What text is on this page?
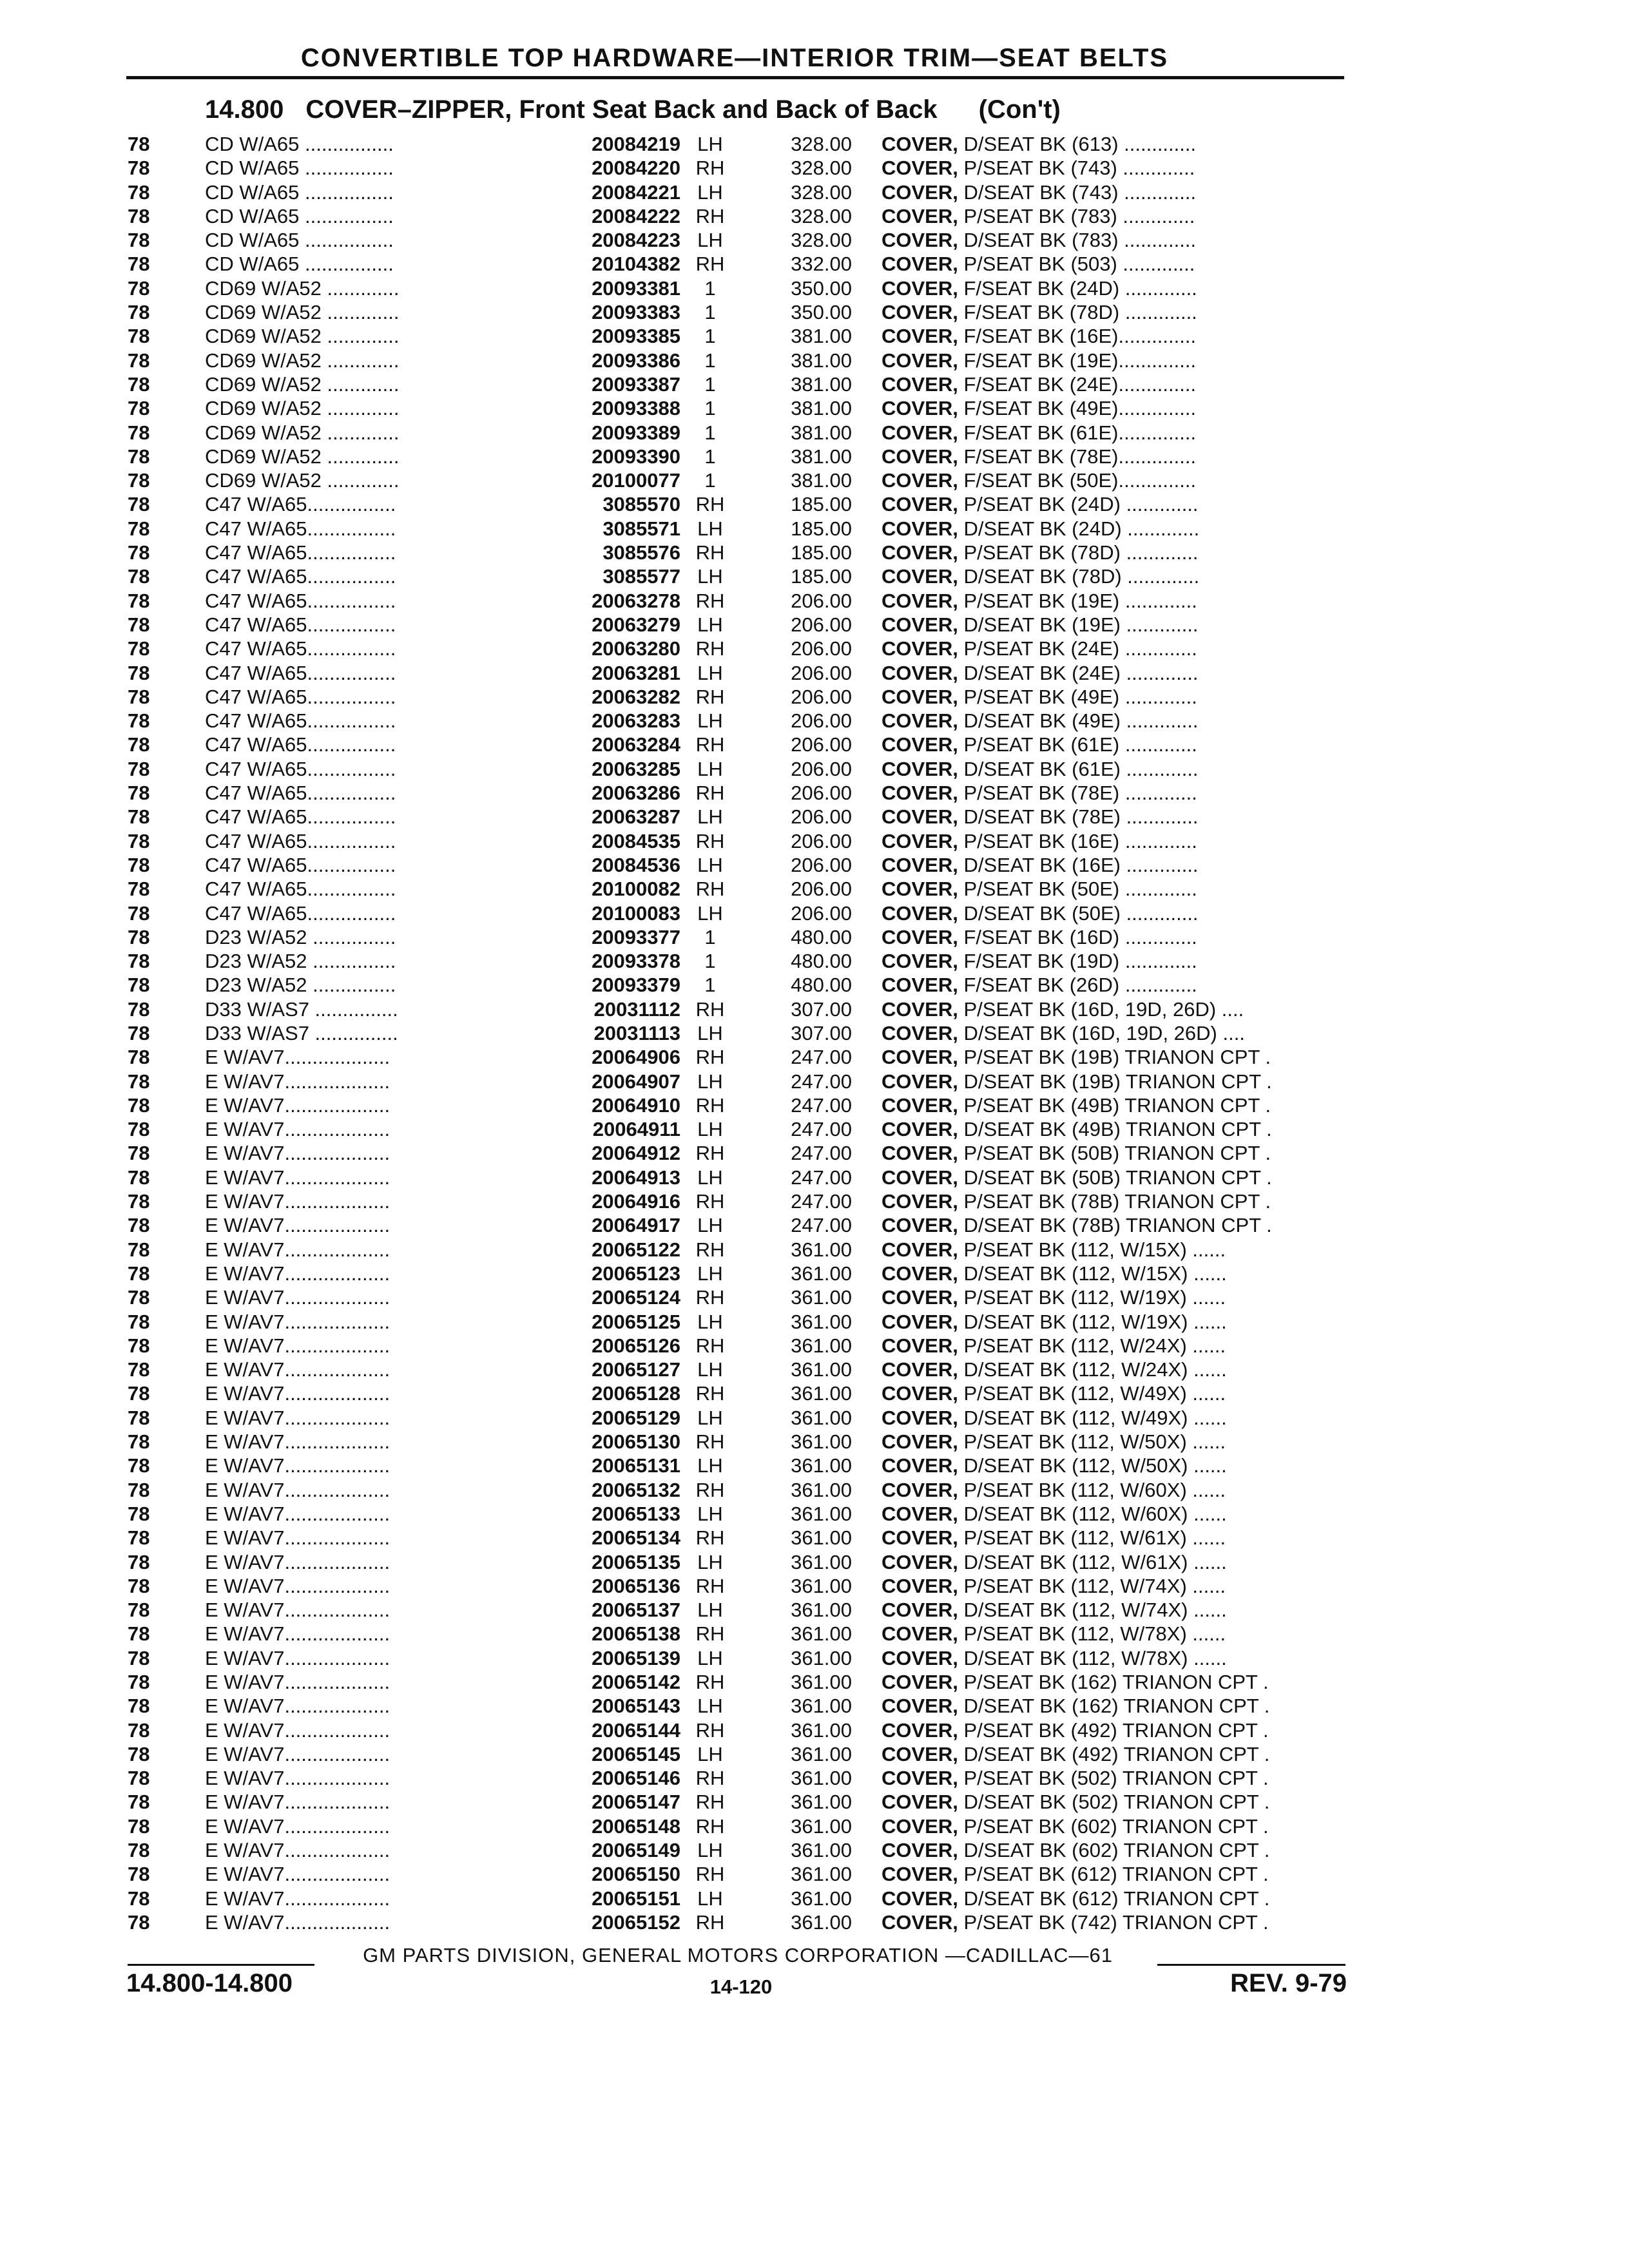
CONVERTIBLE TOP HARDWARE—INTERIOR TRIM—SEAT BELTS
14.800 COVER–ZIPPER, Front Seat Back and Back of Back (Con't)
78	CD W/A65 ................	20084219 LH	328.00 COVER, D/SEAT BK (613) .............
78	CD W/A65 ................	20084220 RH	328.00 COVER, P/SEAT BK (743) .............
78	CD W/A65 ................	20084221 LH	328.00 COVER, D/SEAT BK (743) .............
78	CD W/A65 ................	20084222 RH	328.00 COVER, P/SEAT BK (783) .............
78	CD W/A65 ................	20084223 LH	328.00 COVER, D/SEAT BK (783) .............
78	CD W/A65 ................	20104382 RH	332.00 COVER, P/SEAT BK (503) .............
78	CD69 W/A52 .............	20093381	1	350.00 COVER, F/SEAT BK (24D) .............
78	CD69 W/A52 .............	20093383	1	350.00 COVER, F/SEAT BK (78D) .............
78	CD69 W/A52 .............	20093385	1	381.00 COVER, F/SEAT BK (16E)..............
78	CD69 W/A52 .............	20093386	1	381.00 COVER, F/SEAT BK (19E)..............
78	CD69 W/A52 .............	20093387	1	381.00 COVER, F/SEAT BK (24E)..............
78	CD69 W/A52 .............	20093388	1	381.00 COVER, F/SEAT BK (49E)..............
78	CD69 W/A52 .............	20093389	1	381.00 COVER, F/SEAT BK (61E)..............
78	CD69 W/A52 .............	20093390	1	381.00 COVER, F/SEAT BK (78E)..............
78	CD69 W/A52 .............	20100077	1	381.00 COVER, F/SEAT BK (50E)..............
78	C47 W/A65................	3085570 RH	185.00 COVER, P/SEAT BK (24D) .............
78	C47 W/A65................	3085571 LH	185.00 COVER, D/SEAT BK (24D) .............
78	C47 W/A65................	3085576 RH	185.00 COVER, P/SEAT BK (78D) .............
78	C47 W/A65................	3085577 LH	185.00 COVER, D/SEAT BK (78D) .............
78	C47 W/A65................	20063278 RH	206.00 COVER, P/SEAT BK (19E) .............
78	C47 W/A65................	20063279 LH	206.00 COVER, D/SEAT BK (19E) .............
78	C47 W/A65................	20063280 RH	206.00 COVER, P/SEAT BK (24E) .............
78	C47 W/A65................	20063281 LH	206.00 COVER, D/SEAT BK (24E) .............
78	C47 W/A65................	20063282 RH	206.00 COVER, P/SEAT BK (49E) .............
78	C47 W/A65................	20063283 LH	206.00 COVER, D/SEAT BK (49E) .............
78	C47 W/A65................	20063284 RH	206.00 COVER, P/SEAT BK (61E) .............
78	C47 W/A65................	20063285 LH	206.00 COVER, D/SEAT BK (61E) .............
78	C47 W/A65................	20063286 RH	206.00 COVER, P/SEAT BK (78E) .............
78	C47 W/A65................	20063287 LH	206.00 COVER, D/SEAT BK (78E) .............
78	C47 W/A65................	20084535 RH	206.00 COVER, P/SEAT BK (16E) .............
78	C47 W/A65................	20084536 LH	206.00 COVER, D/SEAT BK (16E) .............
78	C47 W/A65................	20100082 RH	206.00 COVER, P/SEAT BK (50E) .............
78	C47 W/A65................	20100083 LH	206.00 COVER, D/SEAT BK (50E) .............
78	D23 W/A52 ...............	20093377	1	480.00 COVER, F/SEAT BK (16D) .............
78	D23 W/A52 ...............	20093378	1	480.00 COVER, F/SEAT BK (19D) .............
78	D23 W/A52 ...............	20093379	1	480.00 COVER, F/SEAT BK (26D) .............
78	D33 W/AS7 ...............	20031112 RH	307.00 COVER, P/SEAT BK (16D, 19D, 26D) ....
78	D33 W/AS7 ...............	20031113 LH	307.00 COVER, D/SEAT BK (16D, 19D, 26D) ....
78	E W/AV7...................	20064906 RH	247.00 COVER, P/SEAT BK (19B) TRIANON CPT .
78	E W/AV7...................	20064907 LH	247.00 COVER, D/SEAT BK (19B) TRIANON CPT .
78	E W/AV7...................	20064910 RH	247.00 COVER, P/SEAT BK (49B) TRIANON CPT .
78	E W/AV7...................	20064911 LH	247.00 COVER, D/SEAT BK (49B) TRIANON CPT .
78	E W/AV7...................	20064912 RH	247.00 COVER, P/SEAT BK (50B) TRIANON CPT .
78	E W/AV7...................	20064913 LH	247.00 COVER, D/SEAT BK (50B) TRIANON CPT .
78	E W/AV7...................	20064916 RH	247.00 COVER, P/SEAT BK (78B) TRIANON CPT .
78	E W/AV7...................	20064917 LH	247.00 COVER, D/SEAT BK (78B) TRIANON CPT .
78	E W/AV7...................	20065122 RH	361.00 COVER, P/SEAT BK (112, W/15X) ......
78	E W/AV7...................	20065123 LH	361.00 COVER, D/SEAT BK (112, W/15X) ......
78	E W/AV7...................	20065124 RH	361.00 COVER, P/SEAT BK (112, W/19X) ......
78	E W/AV7...................	20065125 LH	361.00 COVER, D/SEAT BK (112, W/19X) ......
78	E W/AV7...................	20065126 RH	361.00 COVER, P/SEAT BK (112, W/24X) ......
78	E W/AV7...................	20065127 LH	361.00 COVER, D/SEAT BK (112, W/24X) ......
78	E W/AV7...................	20065128 RH	361.00 COVER, P/SEAT BK (112, W/49X) ......
78	E W/AV7...................	20065129 LH	361.00 COVER, D/SEAT BK (112, W/49X) ......
78	E W/AV7...................	20065130 RH	361.00 COVER, P/SEAT BK (112, W/50X) ......
78	E W/AV7...................	20065131 LH	361.00 COVER, D/SEAT BK (112, W/50X) ......
78	E W/AV7...................	20065132 RH	361.00 COVER, P/SEAT BK (112, W/60X) ......
78	E W/AV7...................	20065133 LH	361.00 COVER, D/SEAT BK (112, W/60X) ......
78	E W/AV7...................	20065134 RH	361.00 COVER, P/SEAT BK (112, W/61X) ......
78	E W/AV7...................	20065135 LH	361.00 COVER, D/SEAT BK (112, W/61X) ......
78	E W/AV7...................	20065136 RH	361.00 COVER, P/SEAT BK (112, W/74X) ......
78	E W/AV7...................	20065137 LH	361.00 COVER, D/SEAT BK (112, W/74X) ......
78	E W/AV7...................	20065138 RH	361.00 COVER, P/SEAT BK (112, W/78X) ......
78	E W/AV7...................	20065139 LH	361.00 COVER, D/SEAT BK (112, W/78X) ......
78	E W/AV7...................	20065142 RH	361.00 COVER, P/SEAT BK (162) TRIANON CPT .
78	E W/AV7...................	20065143 LH	361.00 COVER, D/SEAT BK (162) TRIANON CPT .
78	E W/AV7...................	20065144 RH	361.00 COVER, P/SEAT BK (492) TRIANON CPT .
78	E W/AV7...................	20065145 LH	361.00 COVER, D/SEAT BK (492) TRIANON CPT .
78	E W/AV7...................	20065146 RH	361.00 COVER, P/SEAT BK (502) TRIANON CPT .
78	E W/AV7...................	20065147 RH	361.00 COVER, D/SEAT BK (502) TRIANON CPT .
78	E W/AV7...................	20065148 RH	361.00 COVER, P/SEAT BK (602) TRIANON CPT .
78	E W/AV7...................	20065149 LH	361.00 COVER, D/SEAT BK (602) TRIANON CPT .
78	E W/AV7...................	20065150 RH	361.00 COVER, P/SEAT BK (612) TRIANON CPT .
78	E W/AV7...................	20065151 LH	361.00 COVER, D/SEAT BK (612) TRIANON CPT .
78	E W/AV7...................	20065152 RH	361.00 COVER, P/SEAT BK (742) TRIANON CPT .
GM PARTS DIVISION, GENERAL MOTORS CORPORATION —CADILLAC—61
14.800-14.800	14-120	REV. 9-79
